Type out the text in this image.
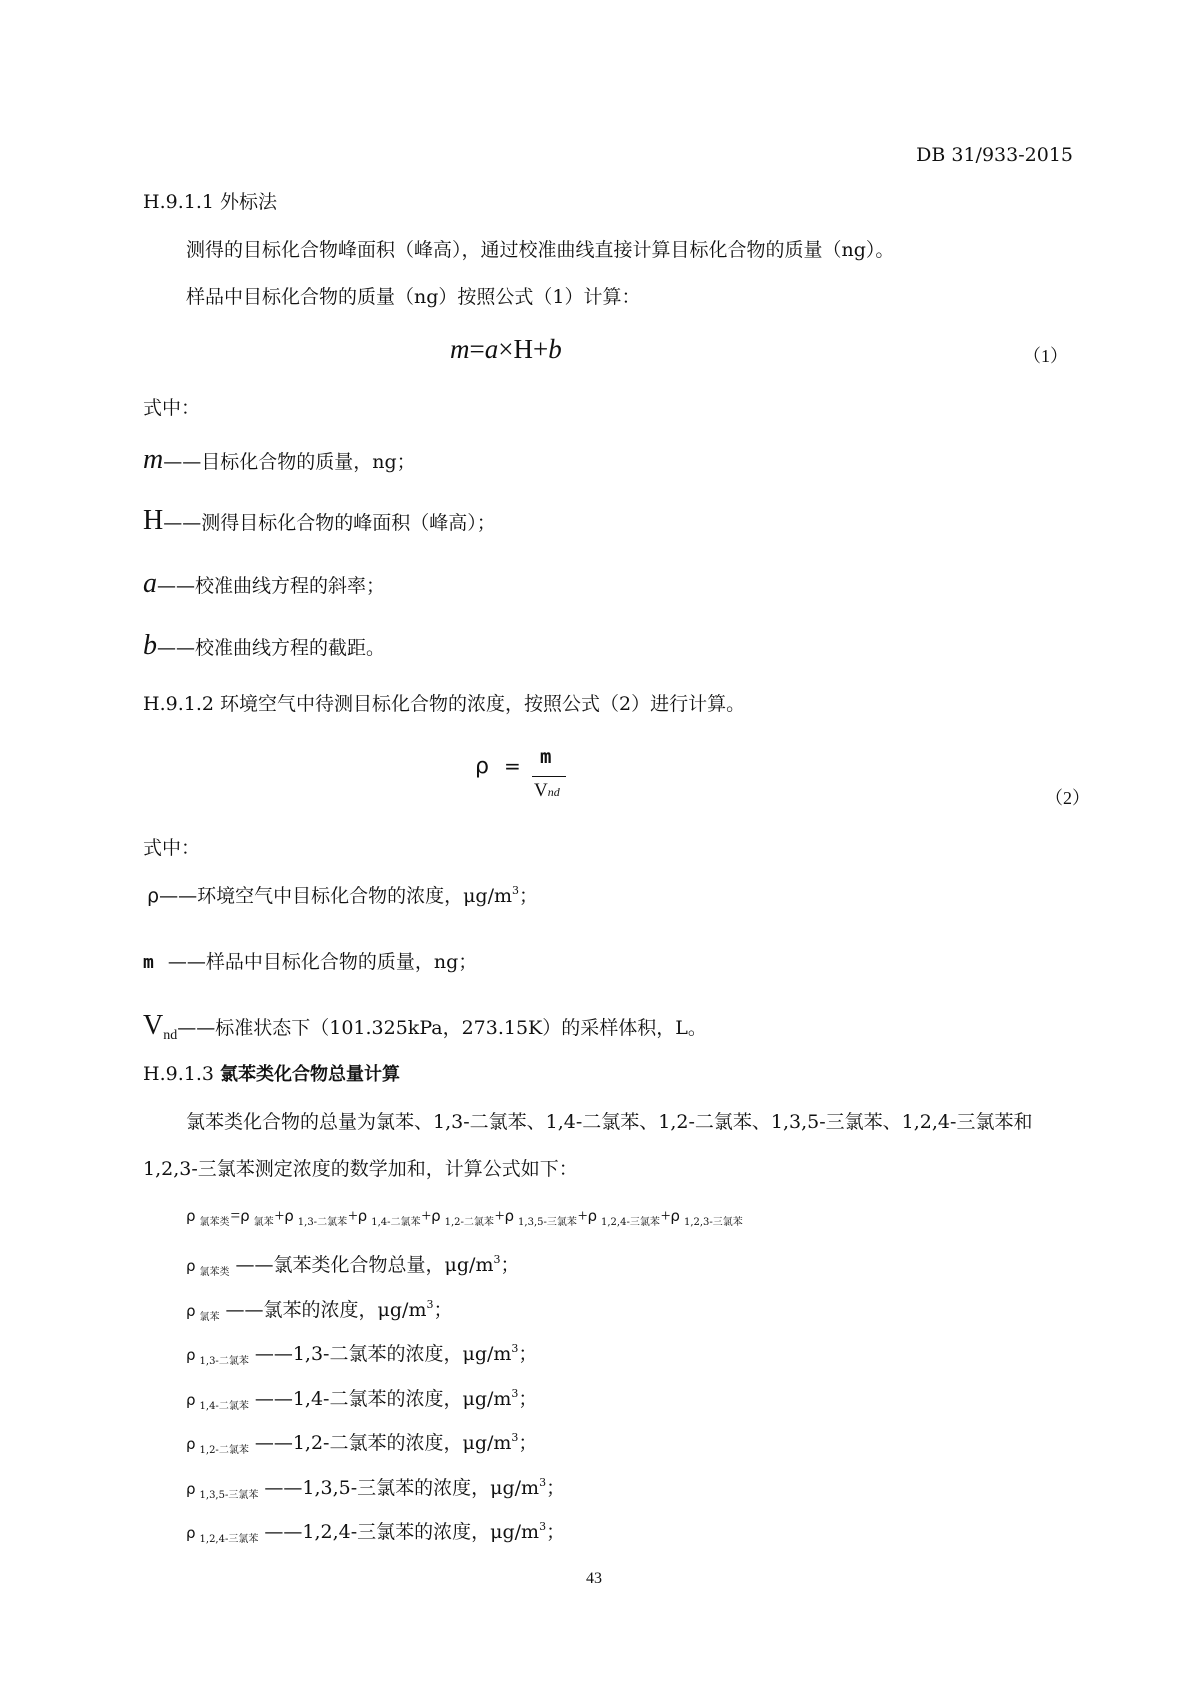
DB 31/933-2015
H.9.1.1 外标法
测得的目标化合物峰面积（峰高），通过校准曲线直接计算目标化合物的质量（ng）。
样品中目标化合物的质量（ng）按照公式（1）计算：
m=a×H+b	（1）
式中：
m——目标化合物的质量，ng；
H——测得目标化合物的峰面积（峰高）；
a——校准曲线方程的斜率；
b——校准曲线方程的截距。
H.9.1.2 环境空气中待测目标化合物的浓度，按照公式（2）进行计算。
ρ = m
Vnd	（2）
式中：
ρ——环境空气中目标化合物的浓度，$\mu g/m^3$；
m ——样品中目标化合物的质量，ng；
Vnd——标准状态下（101.325kPa，273.15K）的采样体积，L。
H.9.1.3 氯苯类化合物总量计算
氯苯类化合物的总量为氯苯、1,3-二氯苯、1,4-二氯苯、1,2-二氯苯、1,3,5-三氯苯、1,2,4-三氯苯和
1,2,3-三氯苯测定浓度的数学加和，计算公式如下：
ρ $_{氯苯类}$=ρ $_{氯苯}$+ρ $_{1,3-二氯苯}$+ρ $_{1,4-二氯苯}$+ρ $_{1,2-二氯苯}$+ρ $_{1,3,5-三氯苯}$+ρ $_{1,2,4-三氯苯}$+ρ $_{1,2,3-三氯苯}$
ρ $_{氯苯类}$ ——氯苯类化合物总量，$\mu g/m^3$；
ρ $_{氯苯}$ ——氯苯的浓度，$\mu g/m^3$；
ρ $_{1,3-二氯苯}$ ——1,3-二氯苯的浓度，$\mu g/m^3$；
ρ $_{1,4-二氯苯}$ ——1,4-二氯苯的浓度，$\mu g/m^3$；
ρ $_{1,2-二氯苯}$ ——1,2-二氯苯的浓度，$\mu g/m^3$；
ρ $_{1,3,5-三氯苯}$ ——1,3,5-三氯苯的浓度，$\mu g/m^3$；
ρ $_{1,2,4-三氯苯}$ ——1,2,4-三氯苯的浓度，$\mu g/m^3$；
43
